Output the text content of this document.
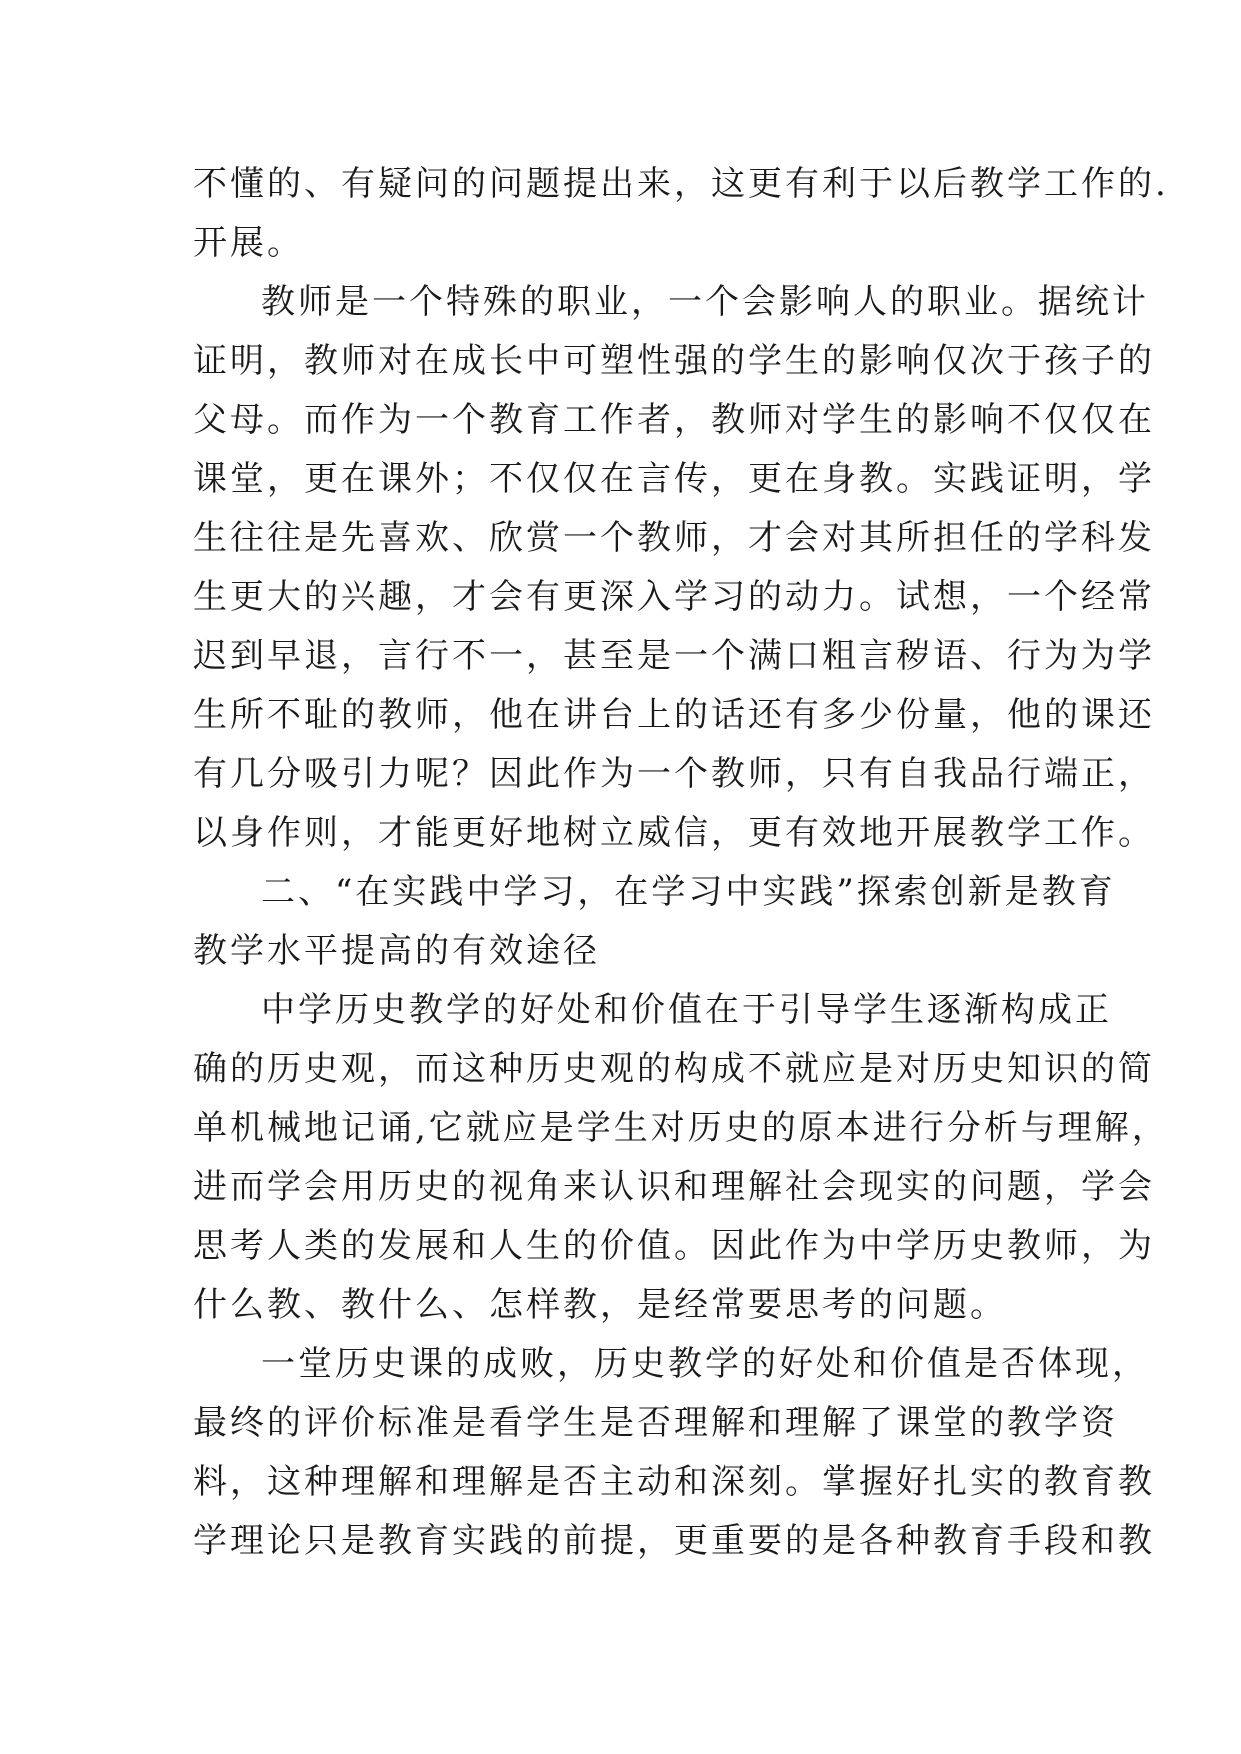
不懂的、有疑问的问题提出来，这更有利于以后教学工作的.
开展。
教师是一个特殊的职业，一个会影响人的职业。据统计
证明，教师对在成长中可塑性强的学生的影响仅次于孩子的
父母。而作为一个教育工作者，教师对学生的影响不仅仅在
课堂，更在课外；不仅仅在言传，更在身教。实践证明，学
生往往是先喜欢、欣赏一个教师，才会对其所担任的学科发
生更大的兴趣，才会有更深入学习的动力。试想，一个经常
迟到早退，言行不一，甚至是一个满口粗言秽语、行为为学
生所不耻的教师，他在讲台上的话还有多少份量，他的课还
有几分吸引力呢？因此作为一个教师，只有自我品行端正，
以身作则，才能更好地树立威信，更有效地开展教学工作。
二、“在实践中学习，在学习中实践”探索创新是教育
教学水平提高的有效途径
中学历史教学的好处和价值在于引导学生逐渐构成正
确的历史观，而这种历史观的构成不就应是对历史知识的简
单机械地记诵,它就应是学生对历史的原本进行分析与理解，
进而学会用历史的视角来认识和理解社会现实的问题，学会
思考人类的发展和人生的价值。因此作为中学历史教师，为
什么教、教什么、怎样教，是经常要思考的问题。
一堂历史课的成败，历史教学的好处和价值是否体现，
最终的评价标准是看学生是否理解和理解了课堂的教学资
料，这种理解和理解是否主动和深刻。掌握好扎实的教育教
学理论只是教育实践的前提，更重要的是各种教育手段和教
